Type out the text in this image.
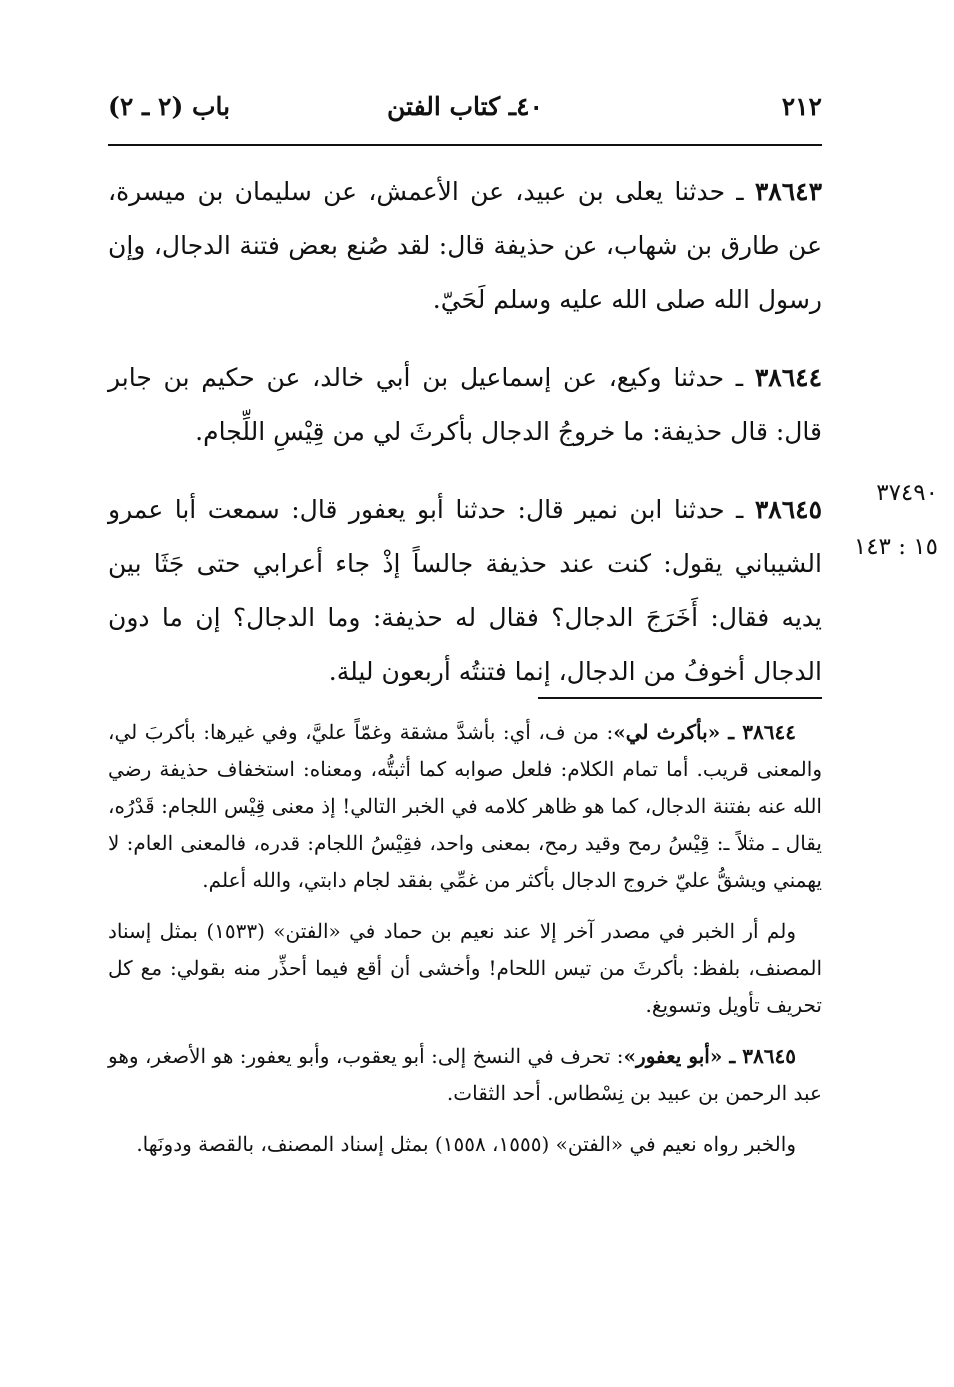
٢١٢
٤٠ـ كتاب الفتن
باب (٢ ـ ٢)

٣٨٦٤٣ ـ حدثنا يعلى بن عبيد، عن الأعمش، عن سليمان بن ميسرة، عن طارق بن شهاب، عن حذيفة قال: لقد صُنع بعض فتنة الدجال، وإن رسول الله صلى الله عليه وسلم لَحَيّ.

٣٨٦٤٤ ـ حدثنا وكيع، عن إسماعيل بن أبي خالد، عن حكيم بن جابر قال: قال حذيفة: ما خروجُ الدجال بأكرثَ لي من قِيْسِ اللِّجام.

٣٨٦٤٥ ـ حدثنا ابن نمير قال: حدثنا أبو يعفور قال: سمعت أبا عمرو الشيباني يقول: كنت عند حذيفة جالساً إذْ جاء أعرابي حتى جَثَا بين يديه فقال: أَخَرَجَ الدجال؟ فقال له حذيفة: وما الدجال؟ إن ما دون الدجال أخوفُ من الدجال، إنما فتنتُه أربعون ليلة.

٣٧٤٩٠
١٥ : ١٤٣

٣٨٦٤٤ ـ «بأكرث لي»: من ف، أي: بأشدَّ مشقة وغمّاً عليَّ، وفي غيرها: بأكربَ لي، والمعنى قريب. أما تمام الكلام: فلعل صوابه كما أثبتُّه، ومعناه: استخفاف حذيفة رضي الله عنه بفتنة الدجال، كما هو ظاهر كلامه في الخبر التالي! إذ معنى قِيْس اللجام: قَدْرُه، يقال ـ مثلاً ـ: قِيْسُ رمح وقيد رمح، بمعنى واحد، فقِيْسُ اللجام: قدره، فالمعنى العام: لا يهمني ويشقُّ عليّ خروج الدجال بأكثر من غمِّي بفقد لجام دابتي، والله أعلم.

ولم أر الخبر في مصدر آخر إلا عند نعيم بن حماد في «الفتن» (١٥٣٣) بمثل إسناد المصنف، بلفظ: بأكرثَ من تيس اللحام! وأخشى أن أقع فيما أحذِّر منه بقولي: مع كل تحريف تأويل وتسويغ.

٣٨٦٤٥ ـ «أبو يعفور»: تحرف في النسخ إلى: أبو يعقوب، وأبو يعفور: هو الأصغر، وهو عبد الرحمن بن عبيد بن نِسْطاس. أحد الثقات.

والخبر رواه نعيم في «الفتن» (١٥٥٥، ١٥٥٨) بمثل إسناد المصنف، بالقصة ودونَها.
